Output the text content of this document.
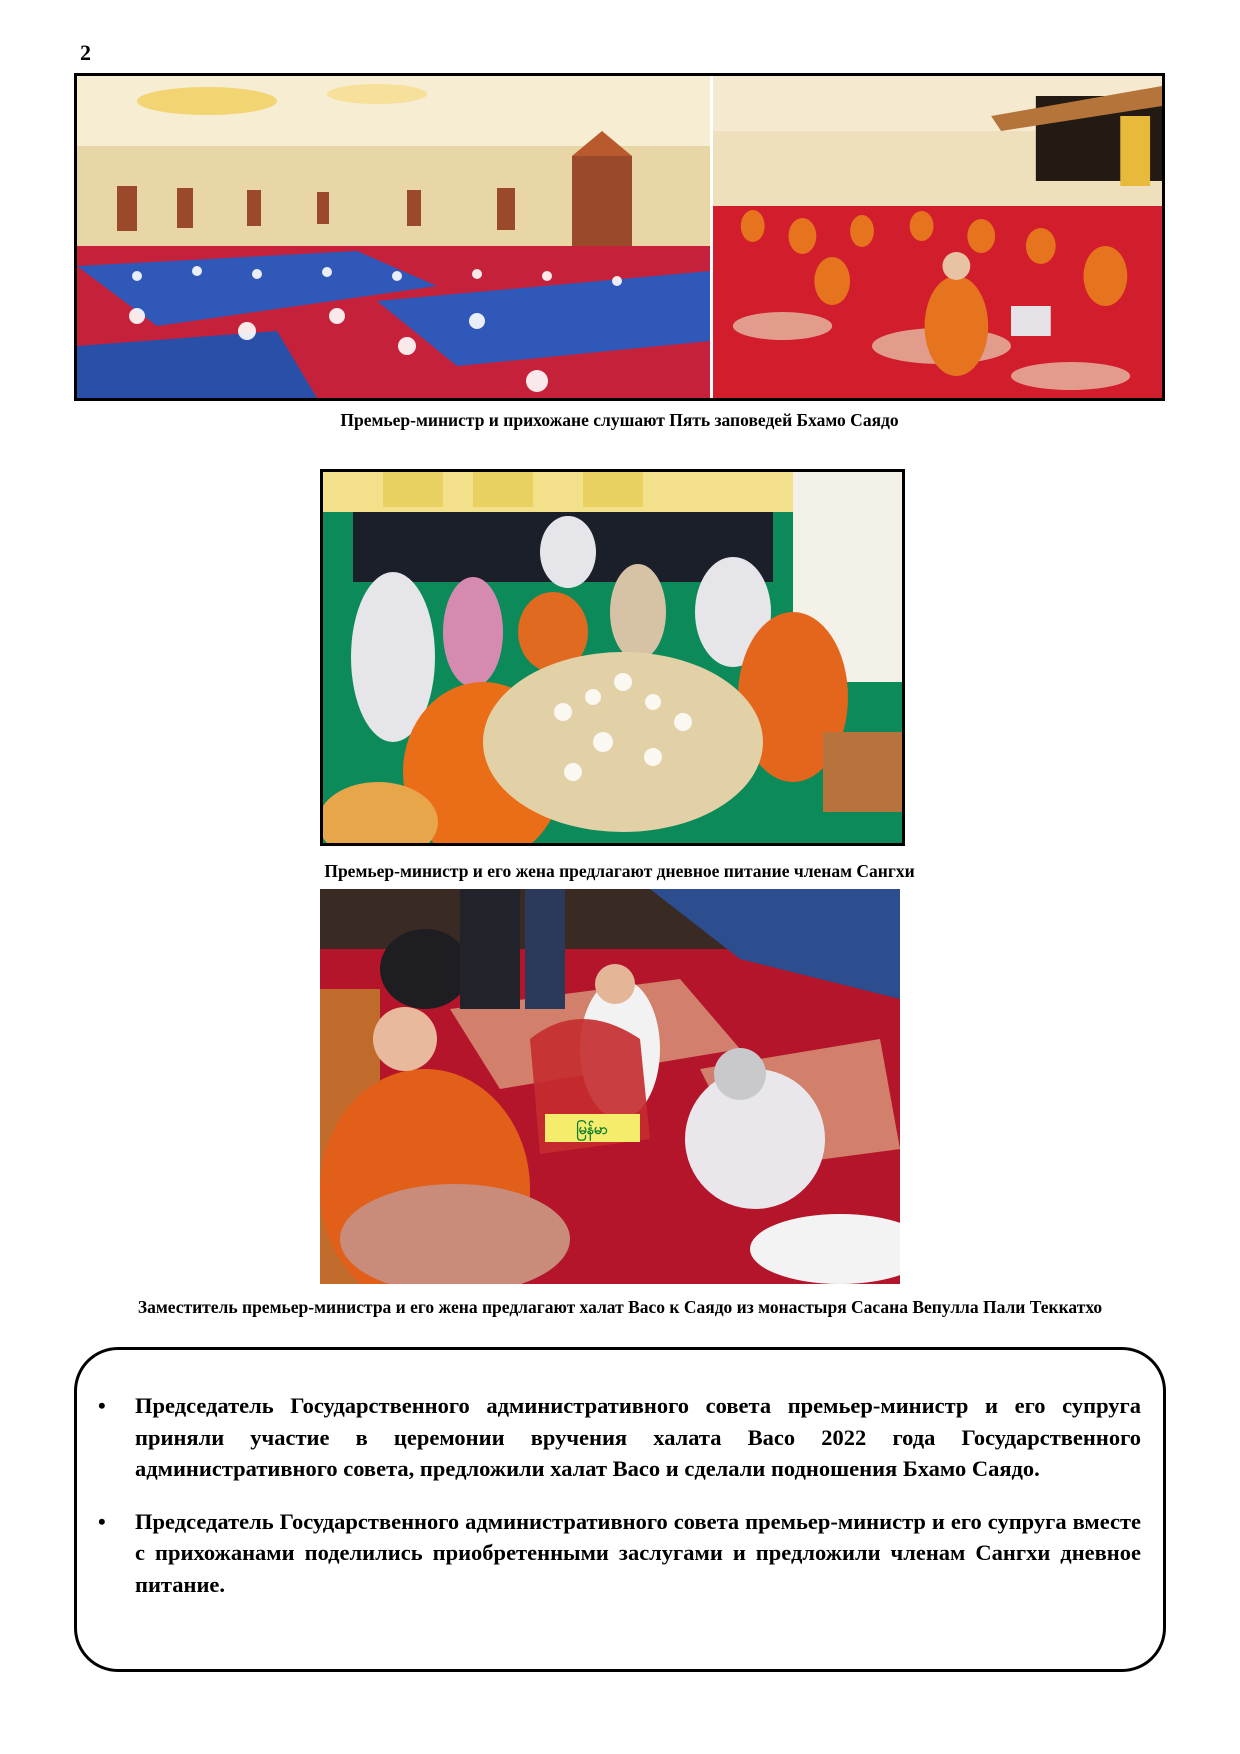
2
Премьер-министр и прихожане слушают Пять заповедей Бхамо Саядо
Премьер-министр и его жена предлагают дневное питание членам Сангхи
မြန်မာ
Заместитель премьер-министра и его жена предлагают халат Васо к Саядо из монастыря Сасана Вепулла Пали Теккатхо
• Председатель Государственного административного совета премьер-министр и его супруга приняли участие в церемонии вручения халата Васо 2022 года Государственного административного совета, предложили халат Васо и сделали подношения Бхамо Саядо.
• Председатель Государственного административного совета премьер-министр и его супруга вместе с прихожанами поделились приобретенными заслугами и предложили членам Сангхи дневное питание.
